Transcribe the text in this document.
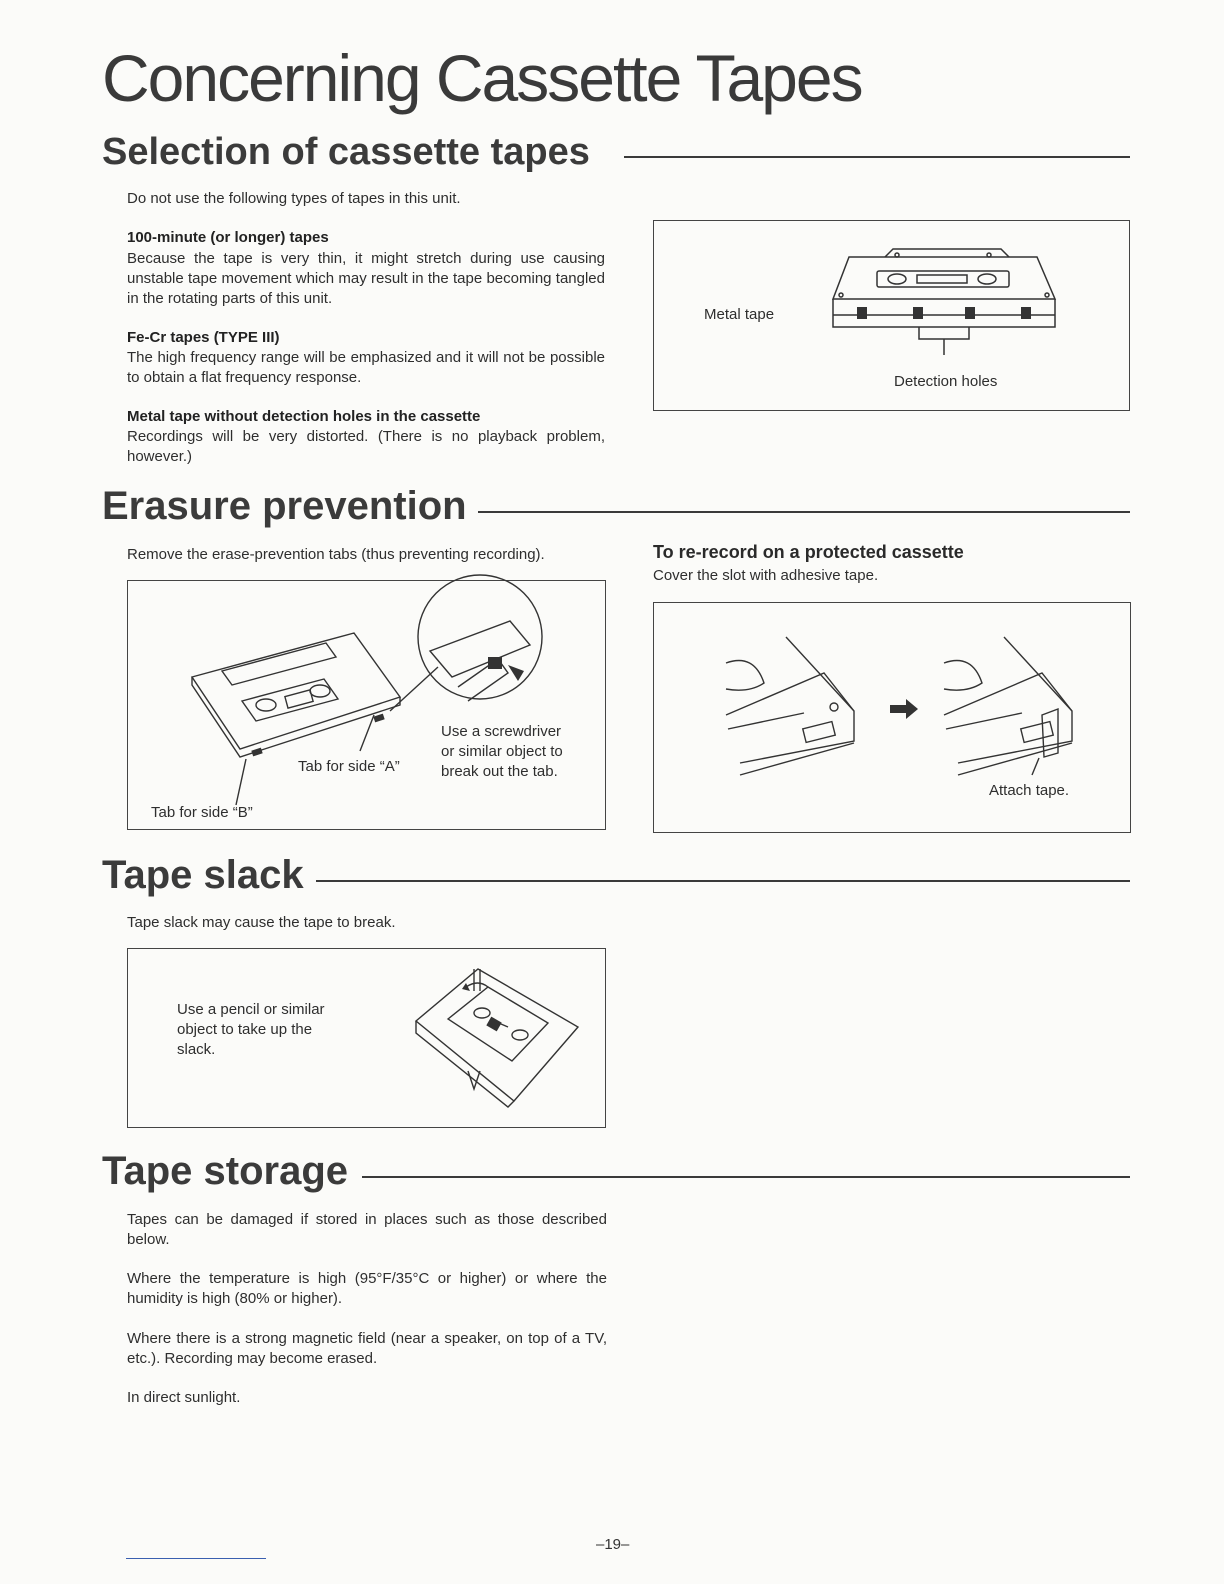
Concerning Cassette Tapes
Selection of cassette tapes
Do not use the following types of tapes in this unit.
100-minute (or longer) tapes
Because the tape is very thin, it might stretch during use causing unstable tape movement which may result in the tape becoming tangled in the rotating parts of this unit.
Fe-Cr tapes (TYPE III)
The high frequency range will be emphasized and it will not be possible to obtain a flat frequency response.
Metal tape without detection holes in the cassette
Recordings will be very distorted. (There is no playback problem, however.)
Metal tape
Detection holes
Erasure prevention
Remove the erase-prevention tabs (thus preventing recording).
Tab for side “A”
Tab for side “B”
Use a screwdriver
or similar object to
break out the tab.
To re-record on a protected cassette
Cover the slot with adhesive tape.
Attach tape.
Tape slack
Tape slack may cause the tape to break.
Use a pencil or similar
object to take up the
slack.
Tape storage
Tapes can be damaged if stored in places such as those described below.
Where the temperature is high (95°F/35°C or higher) or where the humidity is high (80% or higher).
Where there is a strong magnetic field (near a speaker, on top of a TV, etc.). Recording may become erased.
In direct sunlight.
–19–
